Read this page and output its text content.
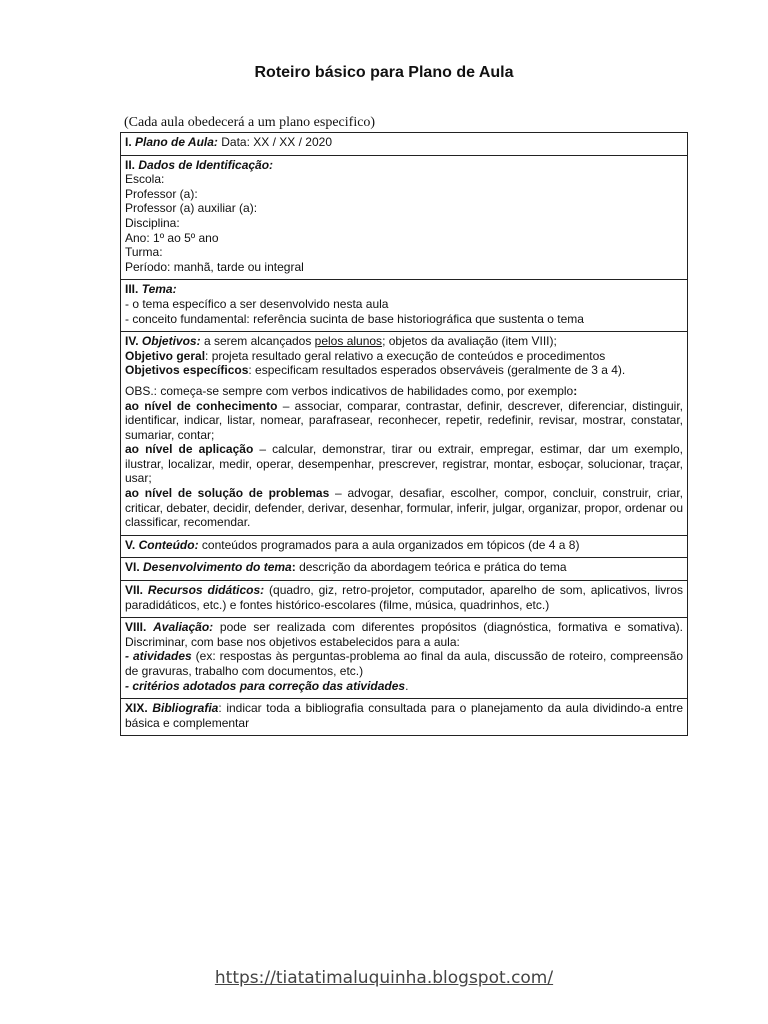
Roteiro básico para Plano de Aula
(Cada aula obedecerá a um plano especifico)
I. Plano de Aula: Data: XX / XX / 2020
II. Dados de Identificação:
Escola:
Professor (a):
Professor (a) auxiliar (a):
Disciplina:
Ano: 1º ao 5º ano
Turma:
Período: manhã, tarde ou integral
III. Tema:
- o tema específico a ser desenvolvido nesta aula
- conceito fundamental: referência sucinta de base historiográfica que sustenta o tema
IV. Objetivos: a serem alcançados pelos alunos; objetos da avaliação (item VIII);
Objetivo geral: projeta resultado geral relativo a execução de conteúdos e procedimentos
Objetivos específicos: especificam resultados esperados observáveis (geralmente de 3 a 4).
OBS.: começa-se sempre com verbos indicativos de habilidades como, por exemplo:
ao nível de conhecimento – associar, comparar, contrastar, definir, descrever, diferenciar, distinguir, identificar, indicar, listar, nomear, parafrasear, reconhecer, repetir, redefinir, revisar, mostrar, constatar, sumariar, contar;
ao nível de aplicação – calcular, demonstrar, tirar ou extrair, empregar, estimar, dar um exemplo, ilustrar, localizar, medir, operar, desempenhar, prescrever, registrar, montar, esboçar, solucionar, traçar, usar;
ao nível de solução de problemas – advogar, desafiar, escolher, compor, concluir, construir, criar, criticar, debater, decidir, defender, derivar, desenhar, formular, inferir, julgar, organizar, propor, ordenar ou classificar, recomendar.
V. Conteúdo: conteúdos programados para a aula organizados em tópicos (de 4 a 8)
VI. Desenvolvimento do tema: descrição da abordagem teórica e prática do tema
VII. Recursos didáticos: (quadro, giz, retro-projetor, computador, aparelho de som, aplicativos, livros paradidáticos, etc.) e fontes histórico-escolares (filme, música, quadrinhos, etc.)
VIII. Avaliação: pode ser realizada com diferentes propósitos (diagnóstica, formativa e somativa). Discriminar, com base nos objetivos estabelecidos para a aula:
- atividades (ex: respostas às perguntas-problema ao final da aula, discussão de roteiro, compreensão de gravuras, trabalho com documentos, etc.)
- critérios adotados para correção das atividades.
XIX. Bibliografia: indicar toda a bibliografia consultada para o planejamento da aula dividindo-a entre básica e complementar
https://tiatatimaluquinha.blogspot.com/
